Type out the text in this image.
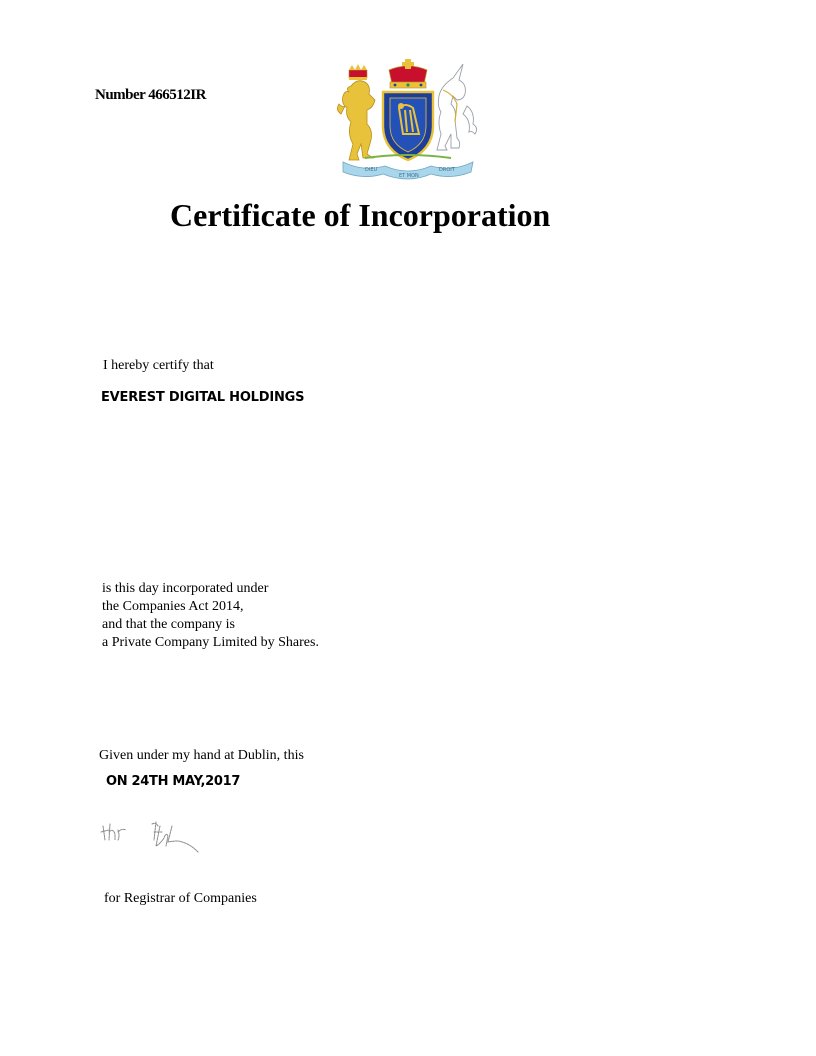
Number 466512IR
DIEU
ET MON
DROIT
Certificate of Incorporation
I hereby certify that
EVEREST DIGITAL HOLDINGS
is this day incorporated under
the Companies Act 2014,
and that the company is
a Private Company Limited by Shares.
Given under my hand at Dublin, this
ON 24TH MAY,2017
for Registrar of Companies
